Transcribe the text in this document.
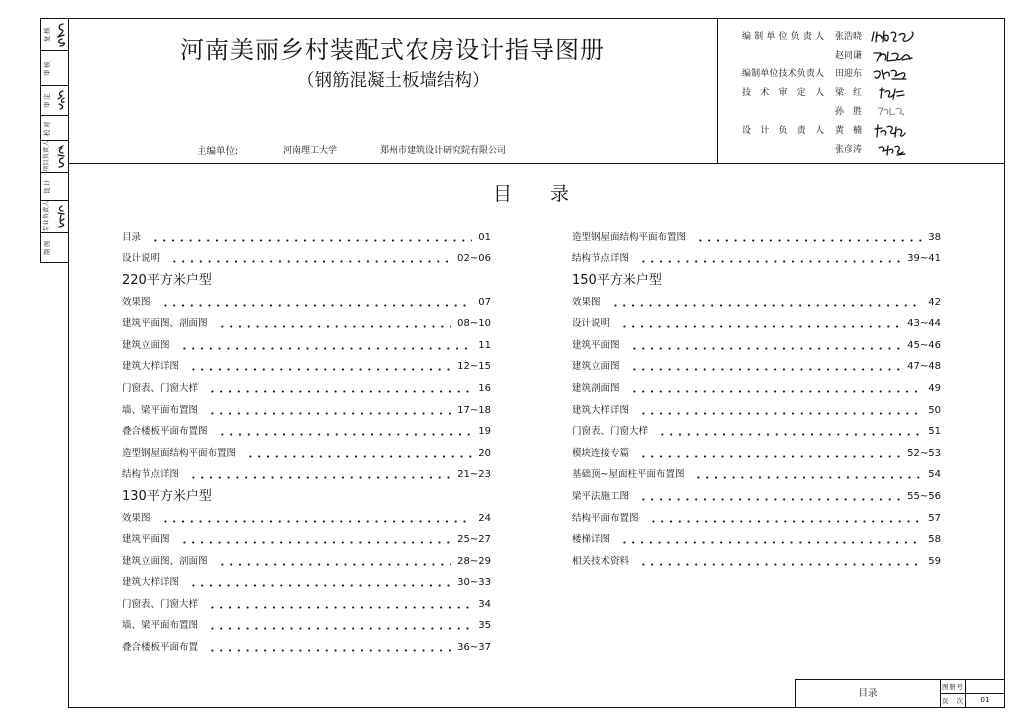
复核
审核
审定
校对
项目负责人
设计
专业负责人
制图
河南美丽乡村装配式农房设计指导图册
（钢筋混凝土板墙结构）
主编单位:	河南理工大学	郑州市建筑设计研究院有限公司
编制单位负责人 张浩晓
赵同谦
编制单位技术负责人 田迎东
技术审定人 梁红
孙胜
设计负责人 黄楠
张彦涛
目录
目录	01
设计说明	02~06
220平方米户型
效果图	07
建筑平面图、剖面图	08~10
建筑立面图	11
建筑大样详图	12~15
门窗表、门窗大样	16
墙、梁平面布置图	17~18
叠合楼板平面布置图	19
造型钢屋面结构平面布置图	20
结构节点详图	21~23
130平方米户型
效果图	24
建筑平面图	25~27
建筑立面图、剖面图	28~29
建筑大样详图	30~33
门窗表、门窗大样	34
墙、梁平面布置图	35
叠合楼板平面布置	36~37
造型钢屋面结构平面布置图	38
结构节点详图	39~41
150平方米户型
效果图	42
设计说明	43~44
建筑平面图	45~46
建筑立面图	47~48
建筑剖面图	49
建筑大样详图	50
门窗表、门窗大样	51
模块连接专篇	52~53
基础顶~屋面柱平面布置图	54
梁平法施工图	55~56
结构平面布置图	57
楼梯详图	58
相关技术资料	59
目录
图册号
页次	01
